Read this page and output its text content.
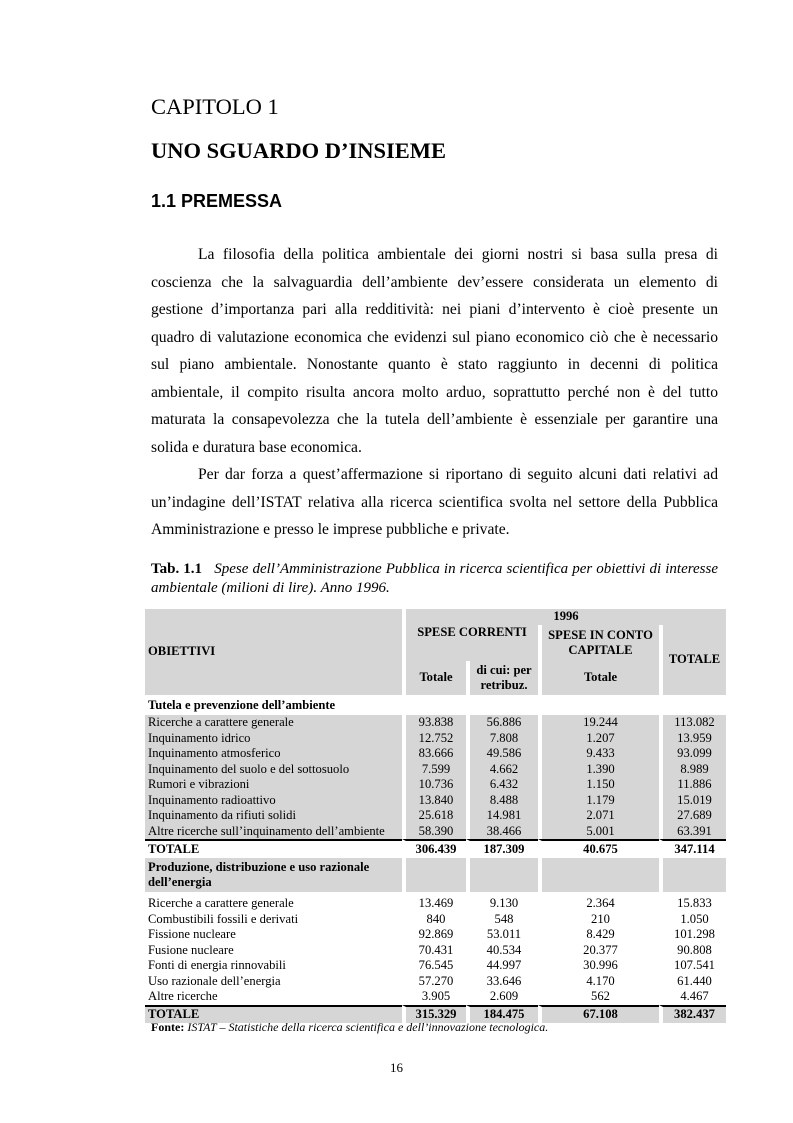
CAPITOLO 1
UNO SGUARDO D’INSIEME
1.1 PREMESSA
La filosofia della politica ambientale dei giorni nostri si basa sulla presa di coscienza che la salvaguardia dell’ambiente dev’essere considerata un elemento di gestione d’importanza pari alla redditività: nei piani d’intervento è cioè presente un quadro di valutazione economica che evidenzi sul piano economico ciò che è necessario sul piano ambientale. Nonostante quanto è stato raggiunto in decenni di politica ambientale, il compito risulta ancora molto arduo, soprattutto perché non è del tutto maturata la consapevolezza che la tutela dell’ambiente è essenziale per garantire una solida e duratura base economica.
Per dar forza a quest’affermazione si riportano di seguito alcuni dati relativi ad un’indagine dell’ISTAT relativa alla ricerca scientifica svolta nel settore della Pubblica Amministrazione e presso le imprese pubbliche e private.
Tab. 1.1 Spese dell’Amministrazione Pubblica in ricerca scientifica per obiettivi di interesse ambientale (milioni di lire). Anno 1996.
OBIETTIVI	1996			
	SPESE CORRENTI		SPESE IN CONTO CAPITALE	TOTALE
	Totale	di cui: per retribuz.	Totale	
Tutela e prevenzione dell’ambiente				
Ricerche a carattere generale	93.838	56.886	19.244	113.082
Inquinamento idrico	12.752	7.808	1.207	13.959
Inquinamento atmosferico	83.666	49.586	9.433	93.099
Inquinamento del suolo e del sottosuolo	7.599	4.662	1.390	8.989
Rumori e vibrazioni	10.736	6.432	1.150	11.886
Inquinamento radioattivo	13.840	8.488	1.179	15.019
Inquinamento da rifiuti solidi	25.618	14.981	2.071	27.689
Altre ricerche sull’inquinamento dell’ambiente	58.390	38.466	5.001	63.391
TOTALE	306.439	187.309	40.675	347.114
Produzione, distribuzione e uso razionale
dell’energia				

Ricerche a carattere generale	13.469	9.130	2.364	15.833
Combustibili fossili e derivati	840	548	210	1.050
Fissione nucleare	92.869	53.011	8.429	101.298
Fusione nucleare	70.431	40.534	20.377	90.808
Fonti di energia rinnovabili	76.545	44.997	30.996	107.541
Uso razionale dell’energia	57.270	33.646	4.170	61.440
Altre ricerche	3.905	2.609	562	4.467
TOTALE	315.329	184.475	67.108	382.437
Fonte: ISTAT – Statistiche della ricerca scientifica e dell’innovazione tecnologica.
16
